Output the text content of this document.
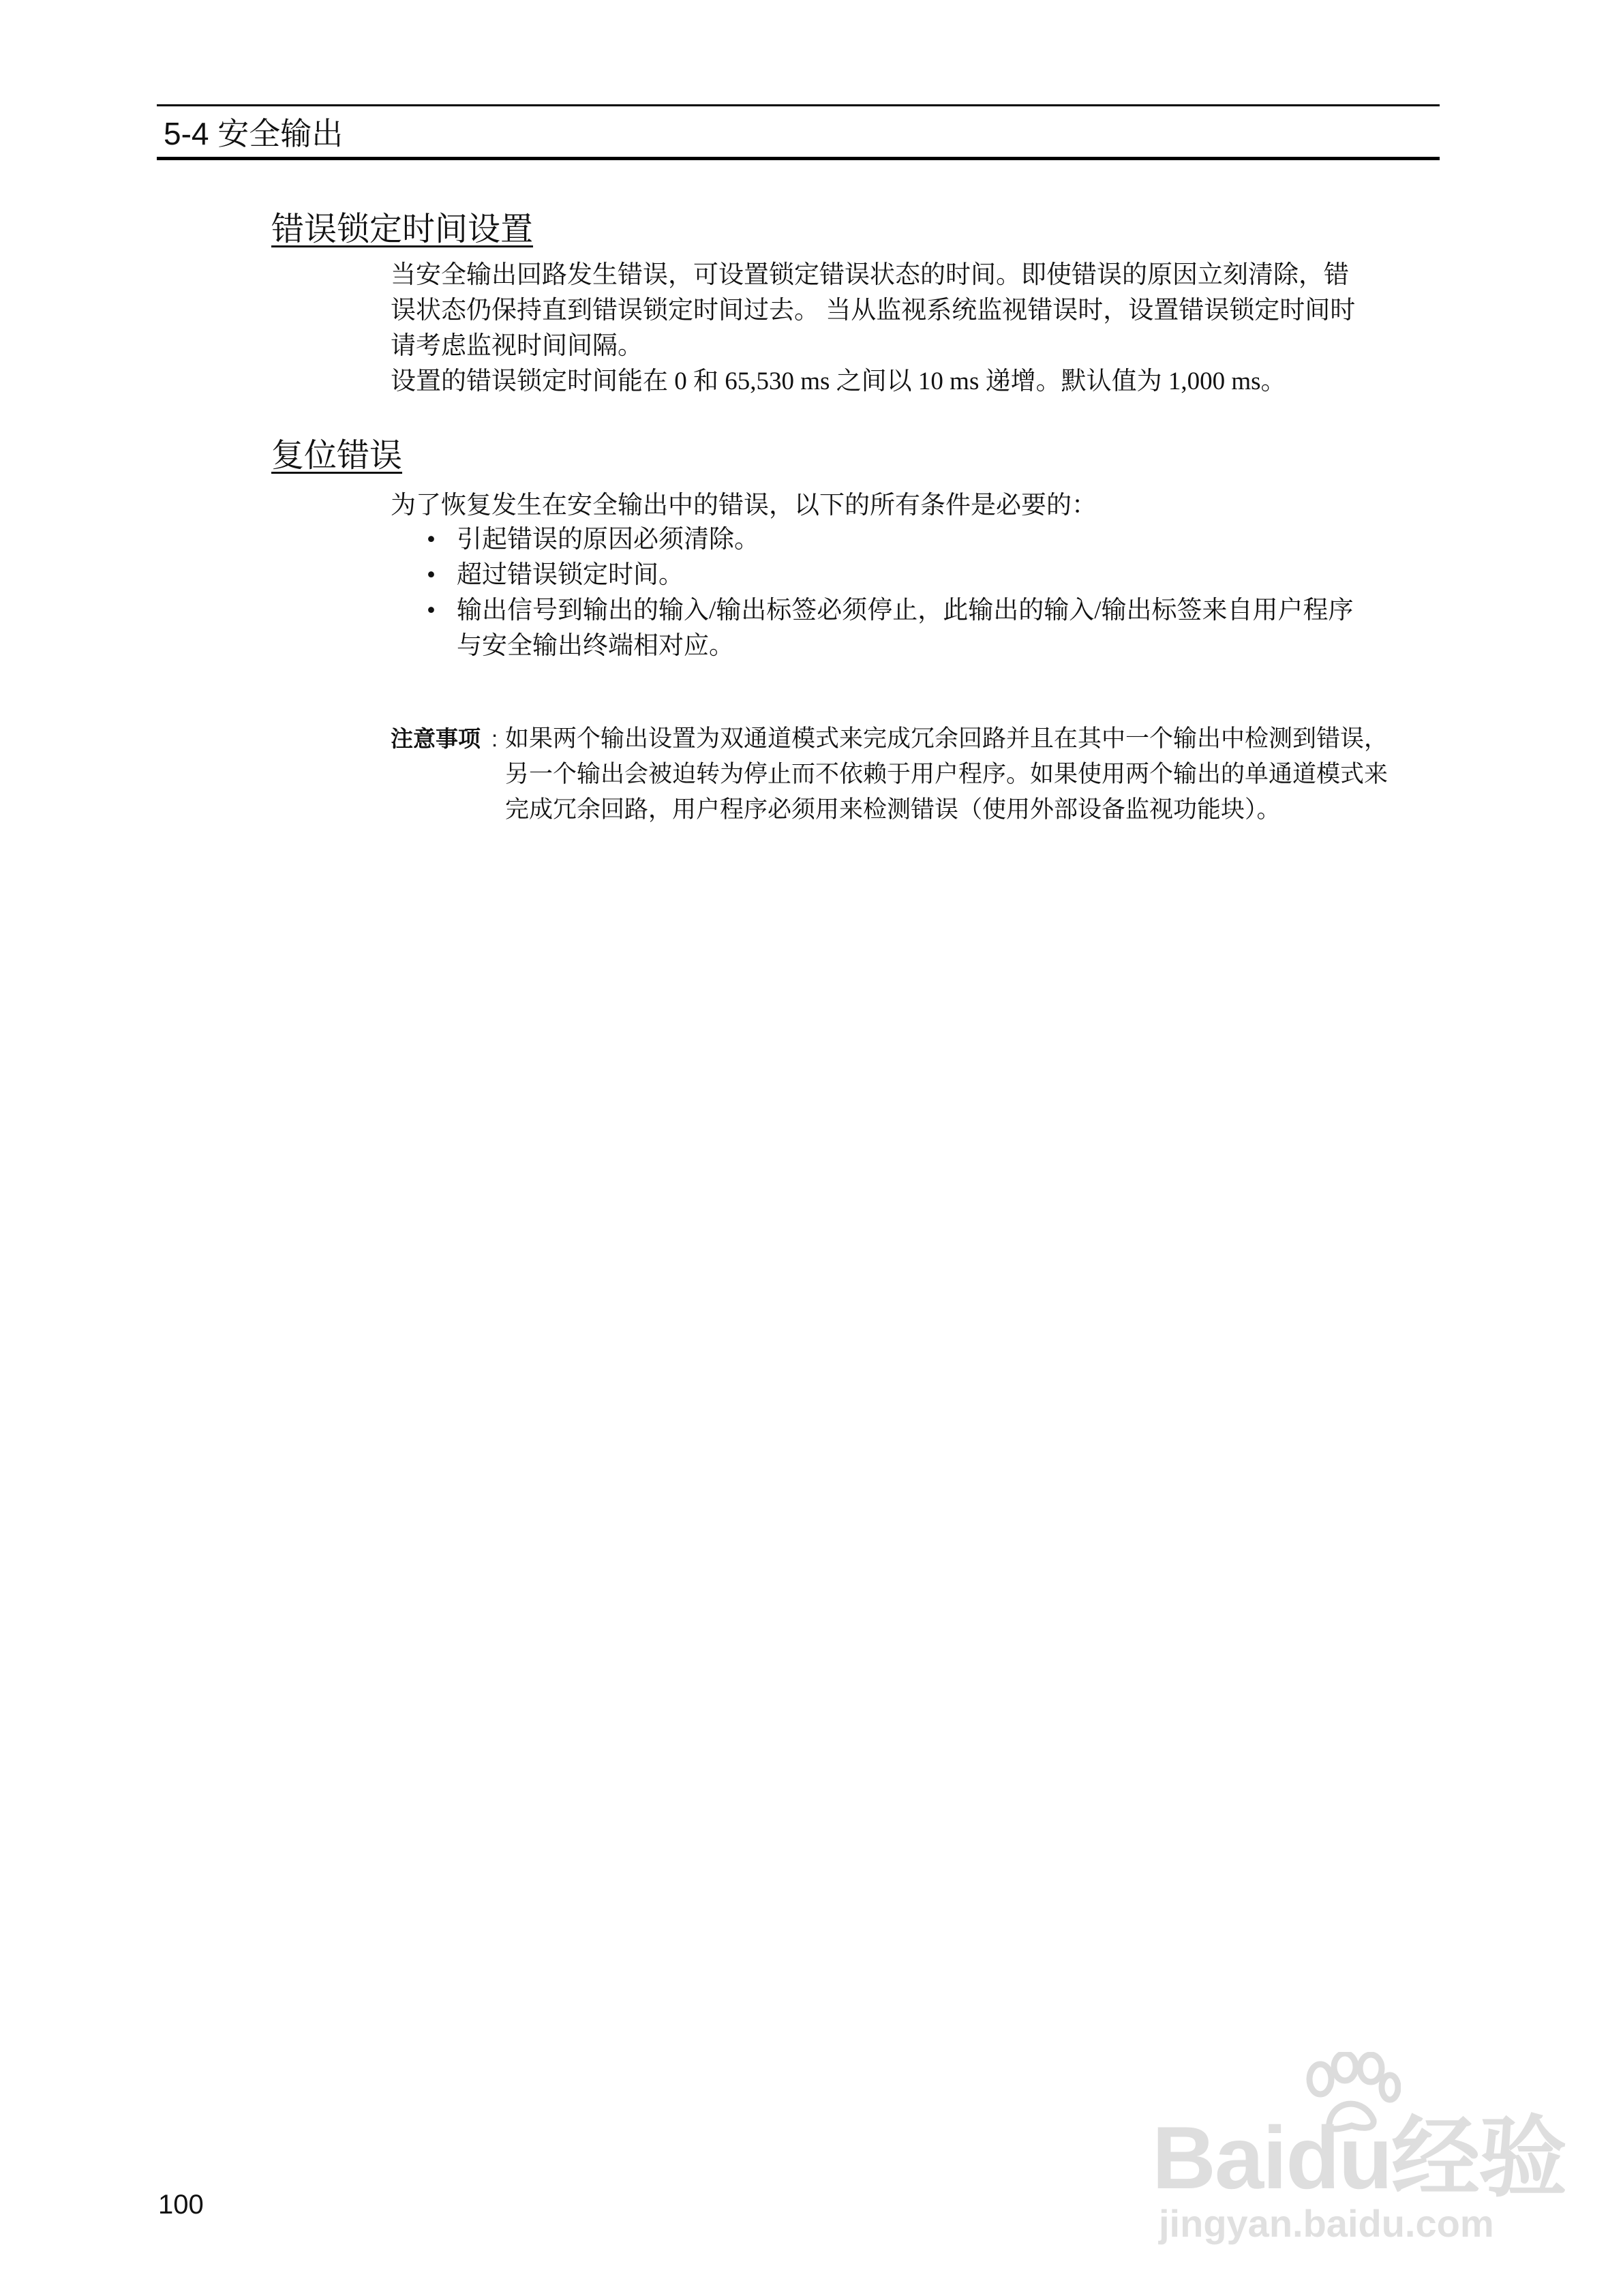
5-4 安全输出
错误锁定时间设置
当安全输出回路发生错误，可设置锁定错误状态的时间。即使错误的原因立刻清除，错
误状态仍保持直到错误锁定时间过去。 当从监视系统监视错误时，设置错误锁定时间时
请考虑监视时间间隔。
设置的错误锁定时间能在 0 和 65,530 ms 之间以 10 ms 递增。默认值为 1,000 ms。
复位错误
为了恢复发生在安全输出中的错误，以下的所有条件是必要的：
• 引起错误的原因必须清除。
• 超过错误锁定时间。
• 输出信号到输出的输入/输出标签必须停止，此输出的输入/输出标签来自用户程序
与安全输出终端相对应。
注意事项 : 如果两个输出设置为双通道模式来完成冗余回路并且在其中一个输出中检测到错误，
另一个输出会被迫转为停止而不依赖于用户程序。如果使用两个输出的单通道模式来
完成冗余回路，用户程序必须用来检测错误（使用外部设备监视功能块）。
100	Baidu经验
jingyan.baidu.com
